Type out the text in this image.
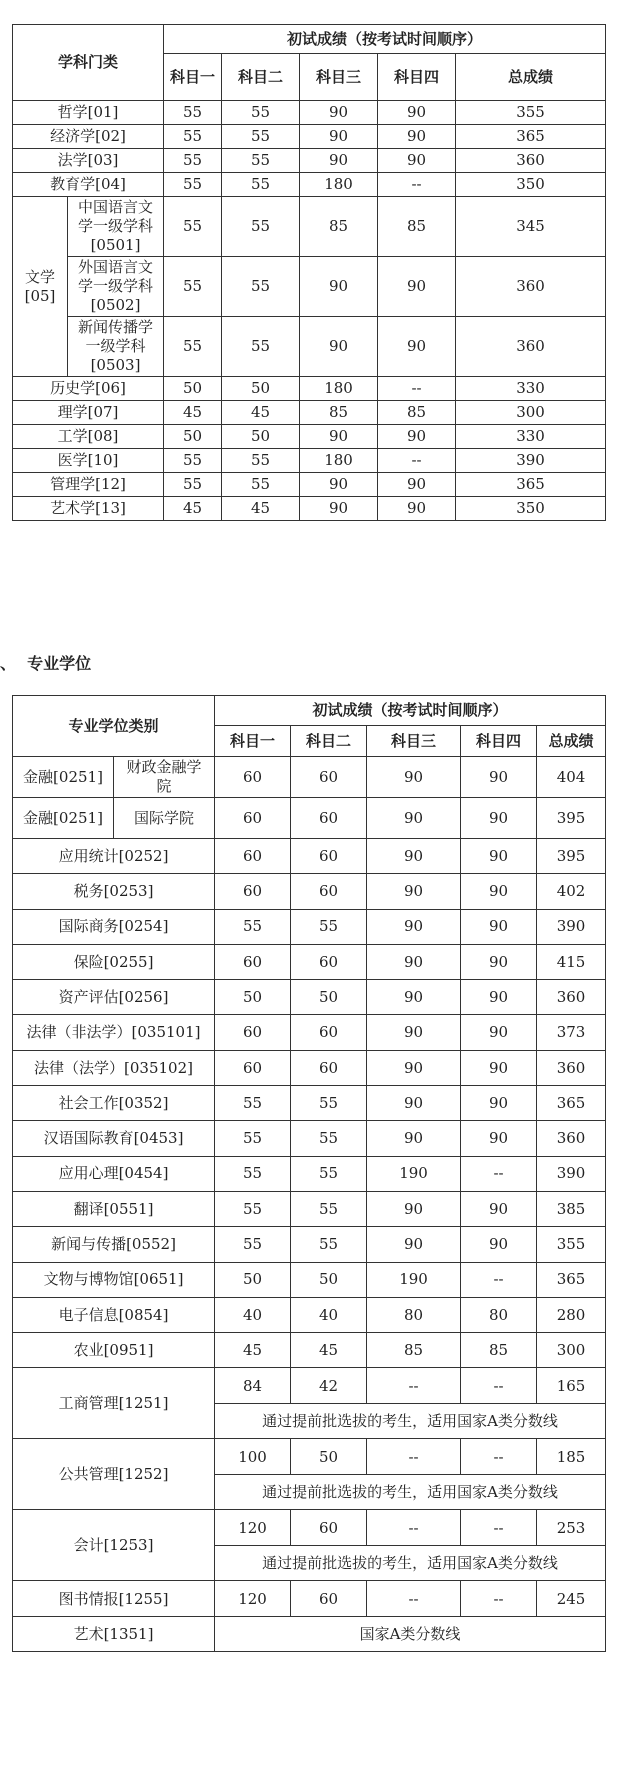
学科门类		初试成绩（按考试时间顺序）				
		科目一	科目二	科目三	科目四	总成绩
哲学[01]		55	55	90	90	355
经济学[02]		55	55	90	90	365
法学[03]		55	55	90	90	360
教育学[04]		55	55	180	--	350
文学[05]	中国语言文学一级学科[0501]	55	55	85	85	345
	外国语言文学一级学科[0502]	55	55	90	90	360
	新闻传播学一级学科[0503]	55	55	90	90	360
历史学[06]		50	50	180	--	330
理学[07]		45	45	85	85	300
工学[08]		50	50	90	90	330
医学[10]		55	55	180	--	390
管理学[12]		55	55	90	90	365
艺术学[13]		45	45	90	90	350
、 专业学位
专业学位类别		初试成绩（按考试时间顺序）				
		科目一	科目二	科目三	科目四	总成绩
金融[0251]	财政金融学院	60	60	90	90	404
金融[0251]	国际学院	60	60	90	90	395
应用统计[0252]		60	60	90	90	395
税务[0253]		60	60	90	90	402
国际商务[0254]		55	55	90	90	390
保险[0255]		60	60	90	90	415
资产评估[0256]		50	50	90	90	360
法律（非法学）[035101]		60	60	90	90	373
法律（法学）[035102]		60	60	90	90	360
社会工作[0352]		55	55	90	90	365
汉语国际教育[0453]		55	55	90	90	360
应用心理[0454]		55	55	190	--	390
翻译[0551]		55	55	90	90	385
新闻与传播[0552]		55	55	90	90	355
文物与博物馆[0651]		50	50	190	--	365
电子信息[0854]		40	40	80	80	280
农业[0951]		45	45	85	85	300
工商管理[1251]		84	42	--	--	165
		通过提前批选拔的考生，适用国家A类分数线				
公共管理[1252]		100	50	--	--	185
		通过提前批选拔的考生，适用国家A类分数线				
会计[1253]		120	60	--	--	253
		通过提前批选拔的考生，适用国家A类分数线				
图书情报[1255]		120	60	--	--	245
艺术[1351]		国家A类分数线				
